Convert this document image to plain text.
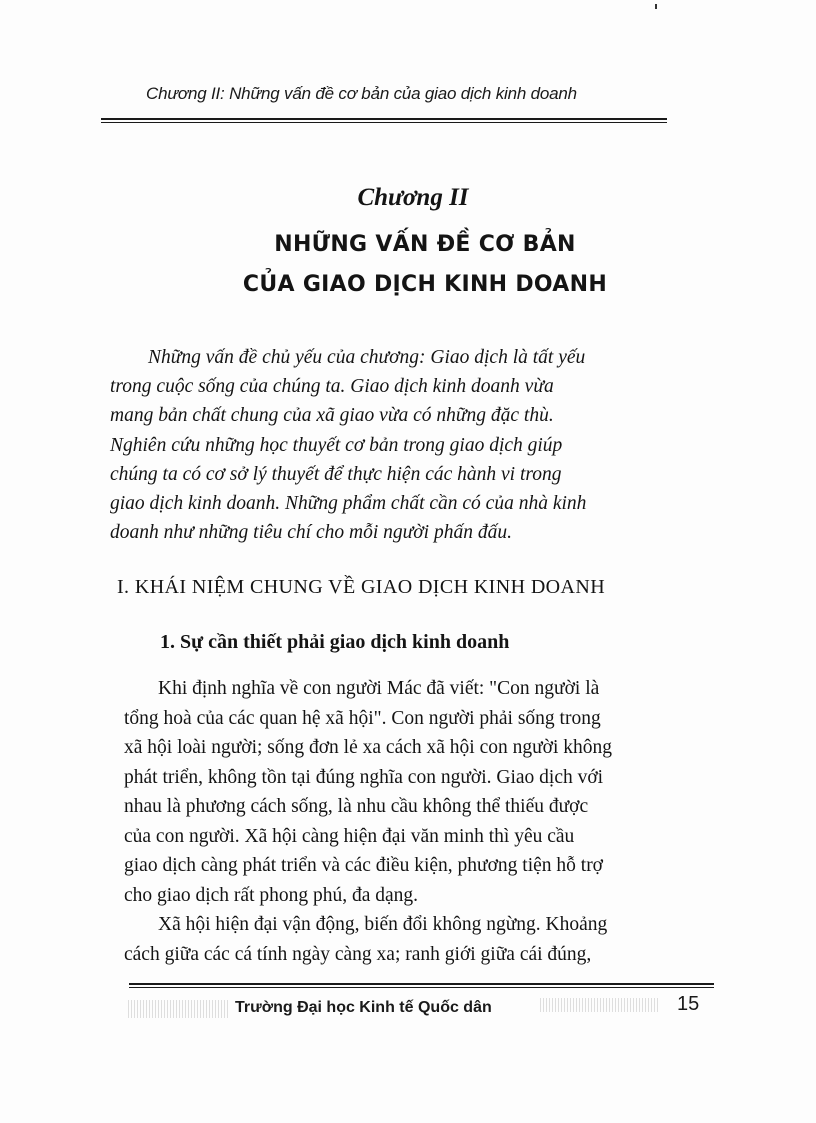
Chương II: Những vấn đề cơ bản của giao dịch kinh doanh
Chương II
NHỮNG VẤN ĐỀ CƠ BẢN
CỦA GIAO DỊCH KINH DOANH
Những vấn đề chủ yếu của chương: Giao dịch là tất yếu
trong cuộc sống của chúng ta. Giao dịch kinh doanh vừa
mang bản chất chung của xã giao vừa có những đặc thù.
Nghiên cứu những học thuyết cơ bản trong giao dịch giúp
chúng ta có cơ sở lý thuyết để thực hiện các hành vi trong
giao dịch kinh doanh. Những phẩm chất cần có của nhà kinh
doanh như những tiêu chí cho mỗi người phấn đấu.
I. KHÁI NIỆM CHUNG VỀ GIAO DỊCH KINH DOANH
1. Sự cần thiết phải giao dịch kinh doanh
Khi định nghĩa về con người Mác đã viết: "Con người là
tổng hoà của các quan hệ xã hội". Con người phải sống trong
xã hội loài người; sống đơn lẻ xa cách xã hội con người không
phát triển, không tồn tại đúng nghĩa con người. Giao dịch với
nhau là phương cách sống, là nhu cầu không thể thiếu được
của con người. Xã hội càng hiện đại văn minh thì yêu cầu
giao dịch càng phát triển và các điều kiện, phương tiện hỗ trợ
cho giao dịch rất phong phú, đa dạng.
Xã hội hiện đại vận động, biến đổi không ngừng. Khoảng
cách giữa các cá tính ngày càng xa; ranh giới giữa cái đúng,
Trường Đại học Kinh tế Quốc dân	15
